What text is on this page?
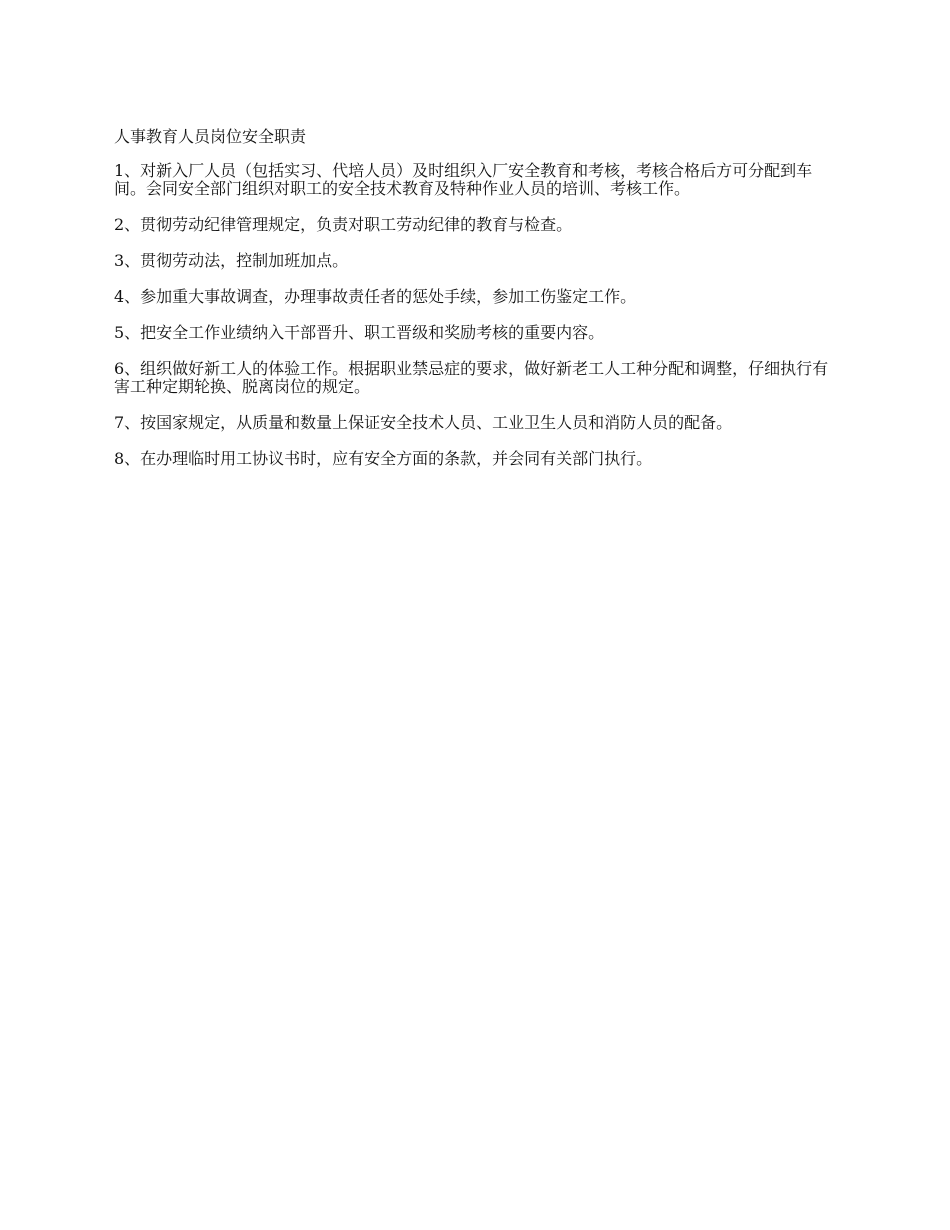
人事教育人员岗位安全职责

1、对新入厂人员（包括实习、代培人员）及时组织入厂安全教育和考核，考核合格后方可分配到车间。会同安全部门组织对职工的安全技术教育及特种作业人员的培训、考核工作。

2、贯彻劳动纪律管理规定，负责对职工劳动纪律的教育与检查。

3、贯彻劳动法，控制加班加点。

4、参加重大事故调查，办理事故责任者的惩处手续，参加工伤鉴定工作。

5、把安全工作业绩纳入干部晋升、职工晋级和奖励考核的重要内容。

6、组织做好新工人的体验工作。根据职业禁忌症的要求，做好新老工人工种分配和调整，仔细执行有害工种定期轮换、脱离岗位的规定。

7、按国家规定，从质量和数量上保证安全技术人员、工业卫生人员和消防人员的配备。

8、在办理临时用工协议书时，应有安全方面的条款，并会同有关部门执行。
